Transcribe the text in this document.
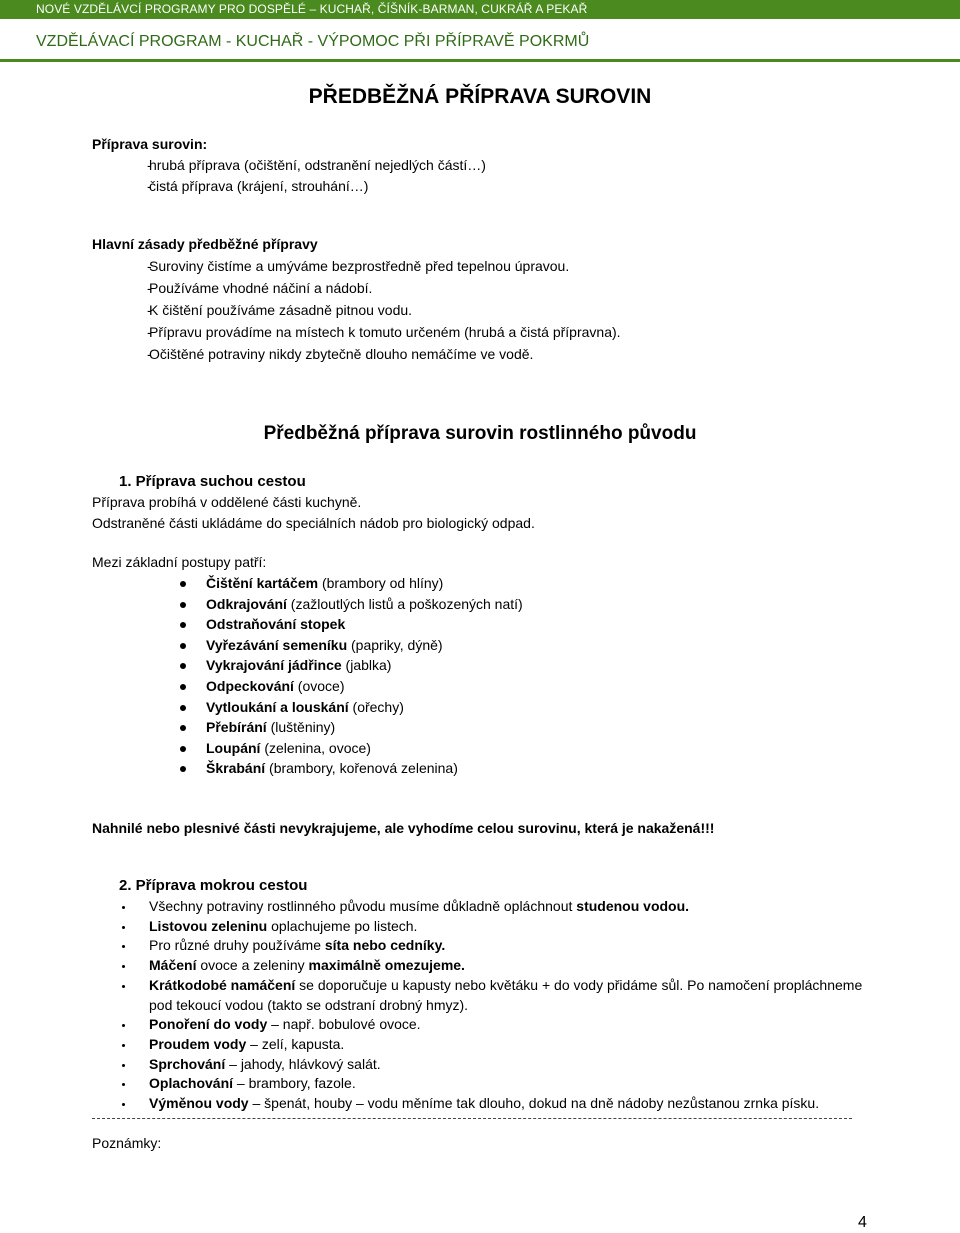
NOVÉ VZDĚLÁVCÍ PROGRAMY PRO DOSPĚLÉ – KUCHAŘ, ČÍŠNÍK-BARMAN, CUKRÁŘ A PEKAŘ
VZDĚLÁVACÍ PROGRAM - KUCHAŘ - VÝPOMOC PŘI PŘÍPRAVĚ POKRMŮ
PŘEDBĚŽNÁ PŘÍPRAVA SUROVIN
Příprava surovin:
- hrubá příprava (očištění, odstranění nejedlých částí…)
- čistá příprava (krájení, strouhání…)
Hlavní zásady předběžné přípravy
- Suroviny čistíme a umýváme bezprostředně před tepelnou úpravou.
- Používáme vhodné náčiní a nádobí.
- K čištění používáme zásadně pitnou vodu.
- Přípravu provádíme na místech k tomuto určeném (hrubá a čistá přípravna).
- Očištěné potraviny nikdy zbytečně dlouho nemáčíme ve vodě.
Předběžná příprava surovin rostlinného původu
1. Příprava suchou cestou
Příprava probíhá v oddělené části kuchyně.
Odstraněné části ukládáme do speciálních nádob pro biologický odpad.
Mezi základní postupy patří:
Čištění kartáčem (brambory od hlíny)
Odkrajování (zažloutlých listů a poškozených natí)
Odstraňování stopek
Vyřezávání semeníku (papriky, dýně)
Vykrajování jádřince (jablka)
Odpeckování (ovoce)
Vytloukání a louskání (ořechy)
Přebírání (luštěniny)
Loupání (zelenina, ovoce)
Škrabání (brambory, kořenová zelenina)
Nahnilé nebo plesnivé části nevykrajujeme, ale vyhodíme celou surovinu, která je nakažená!!!
2. Příprava mokrou cestou
Všechny potraviny rostlinného původu musíme důkladně opláchnout studenou vodou.
Listovou zeleninu oplachujeme po listech.
Pro různé druhy používáme síta nebo cedníky.
Máčení ovoce a zeleniny maximálně omezujeme.
Krátkodobé namáčení se doporučuje u kapusty nebo květáku + do vody přidáme sůl. Po namočení propláchneme pod tekoucí vodou (takto se odstraní drobný hmyz).
Ponoření do vody – např. bobulové ovoce.
Proudem vody – zelí, kapusta.
Sprchování – jahody, hlávkový salát.
Oplachování – brambory, fazole.
Výměnou vody – špenát, houby – vodu měníme tak dlouho, dokud na dně nádoby nezůstanou zrnka písku.
Poznámky:
4
